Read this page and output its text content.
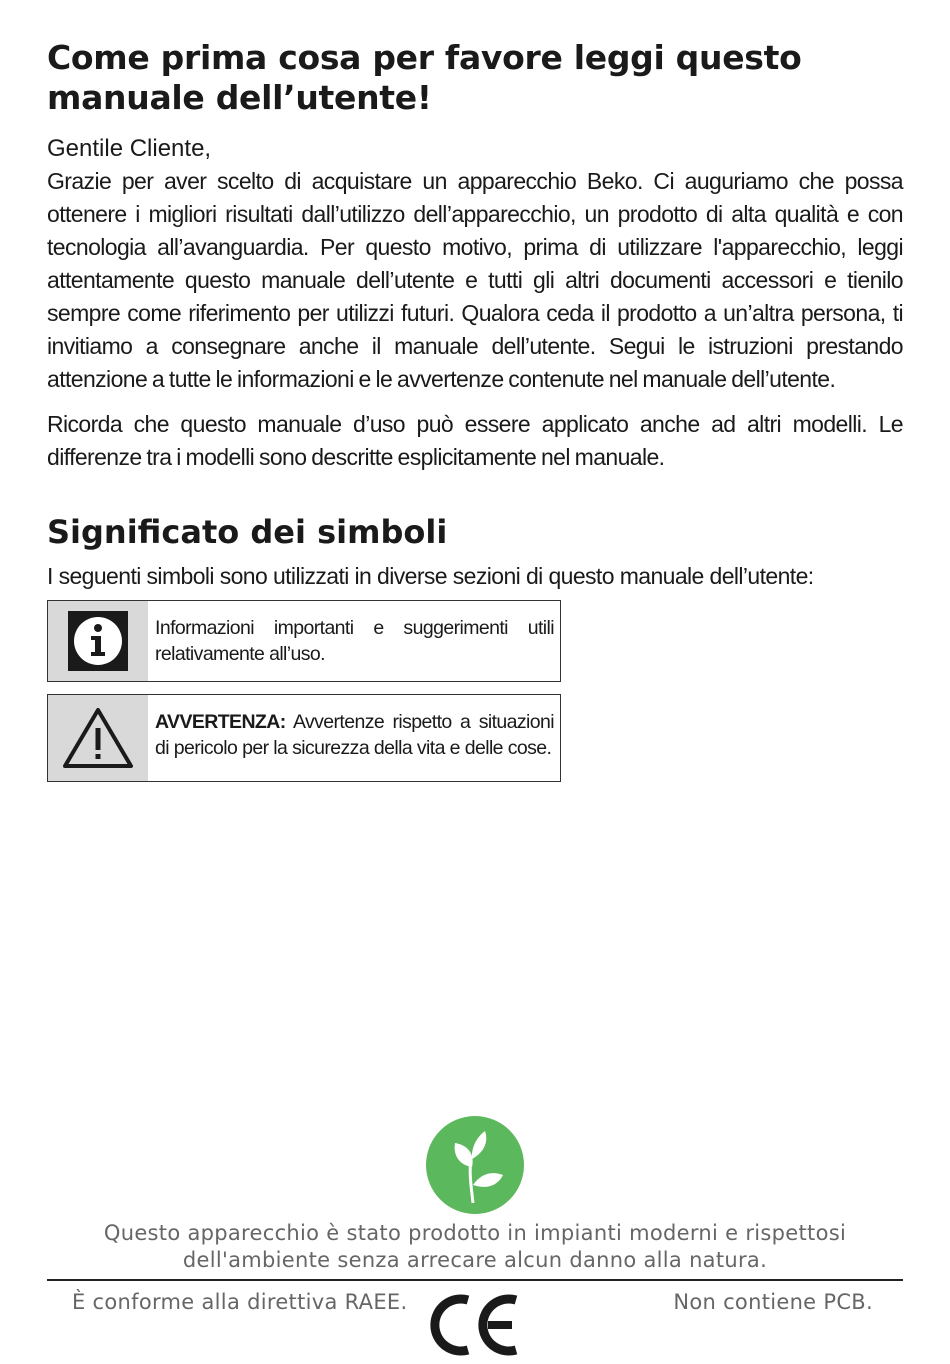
Come prima cosa per favore leggi questo manuale dell’utente!

Gentile Cliente,

Grazie per aver scelto di acquistare un apparecchio Beko. Ci auguriamo che possa ottenere i migliori risultati dall’utilizzo dell’apparecchio, un prodotto di alta qualità e con tecnologia all’avanguardia. Per questo motivo, prima di utilizzare l'apparecchio, leggi attentamente questo manuale dell’utente e tutti gli altri documenti accessori e tienilo sempre come riferimento per utilizzi futuri. Qualora ceda il prodotto a un’altra persona, ti invitiamo a consegnare anche il manuale dell’utente. Segui le istruzioni prestando attenzione a tutte le informazioni e le avvertenze contenute nel manuale dell’utente.

Ricorda che questo manuale d’uso può essere applicato anche ad altri modelli. Le differenze tra i modelli sono descritte esplicitamente nel manuale.

Significato dei simboli

I seguenti simboli sono utilizzati in diverse sezioni di questo manuale dell’utente:

Informazioni importanti e suggerimenti utili relativamente all’uso.
AVVERTENZA: Avvertenze rispetto a situazioni di pericolo per la sicurezza della vita e delle cose.
Questo apparecchio è stato prodotto in impianti moderni e rispettosi dell'ambiente senza arrecare alcun danno alla natura.
È conforme alla direttiva RAEE.	Non contiene PCB.
